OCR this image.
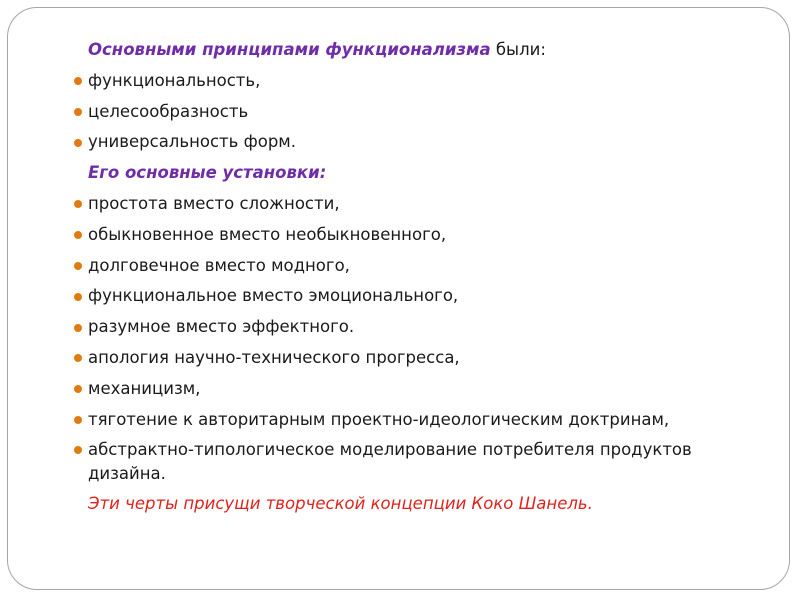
Основными принципами функционализма были:
функциональность,
целесообразность
универсальность форм.
Его основные установки:
простота вместо сложности,
обыкновенное вместо необыкновенного,
долговечное вместо модного,
функциональное вместо эмоционального,
разумное вместо эффектного.
апология научно-технического прогресса,
механицизм,
тяготение к авторитарным проектно-идеологическим доктринам,
абстрактно-типологическое моделирование потребителя продуктов дизайна.
Эти черты присущи творческой концепции Коко Шанель.
